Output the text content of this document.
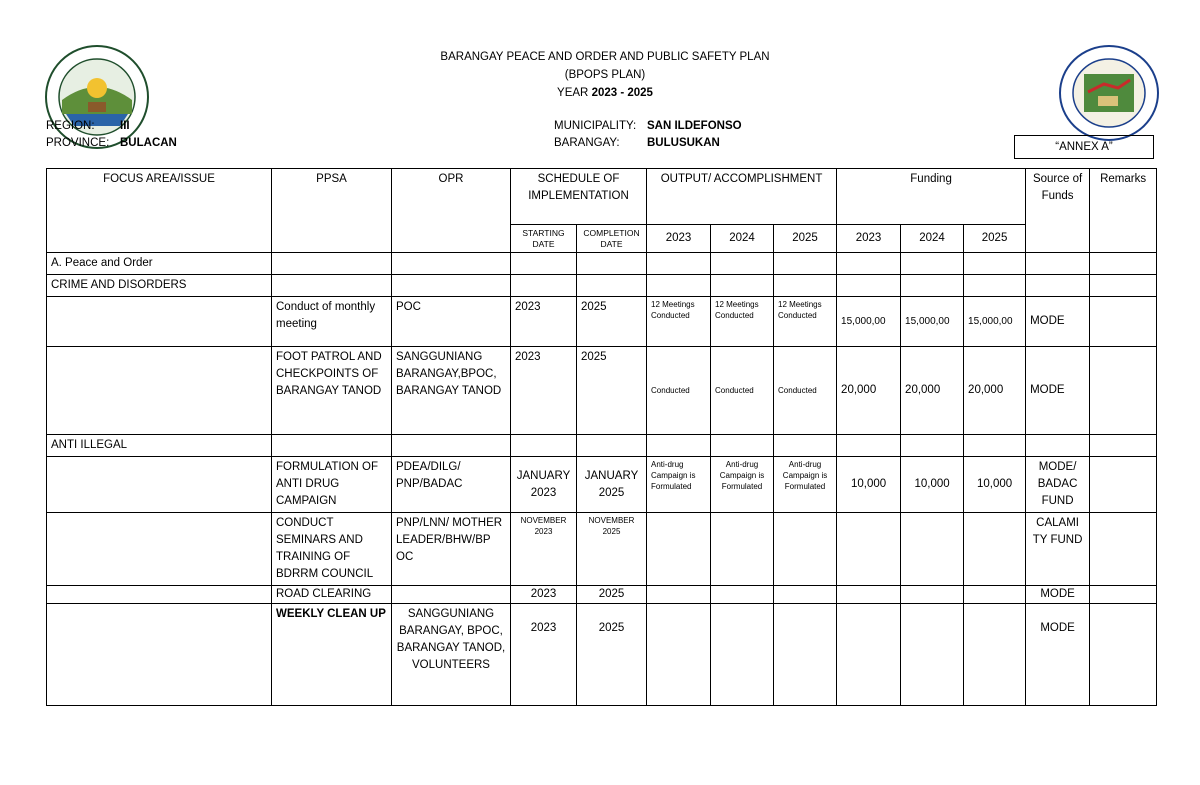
BARANGAY PEACE AND ORDER AND PUBLIC SAFETY PLAN
(BPOPS PLAN)
YEAR 2023 - 2025
REGION: III
PROVINCE: BULACAN
MUNICIPALITY: SAN ILDEFONSO
BARANGAY: BULUSUKAN	“ANNEX A”
FOCUS AREA/ISSUE	PPSA	OPR	SCHEDULE OF IMPLEMENTATION		OUTPUT/ ACCOMPLISHMENT			Funding			Source of Funds	Remarks
			STARTING DATE	COMPLETION DATE	2023	2024	2025	2023	2024	2025		
A. Peace and Order												
CRIME AND DISORDERS												
	Conduct of monthly meeting	POC	2023	2025	12 Meetings Conducted	12 Meetings Conducted	12 Meetings Conducted	15,000,00	15,000,00	15,000,00	MODE	
	FOOT PATROL AND CHECKPOINTS OF BARANGAY TANOD	SANGGUNIANG BARANGAY,BPOC, BARANGAY TANOD	2023	2025	Conducted	Conducted	Conducted	20,000	20,000	20,000	MODE	
ANTI ILLEGAL												
	FORMULATION OF ANTI DRUG CAMPAIGN	PDEA/DILG/ PNP/BADAC	JANUARY 2023	JANUARY 2025	Anti-drug Campaign is Formulated	Anti-drug Campaign is Formulated	Anti-drug Campaign is Formulated	10,000	10,000	10,000	MODE/ BADAC FUND	
	CONDUCT SEMINARS AND TRAINING OF BDRRM COUNCIL	PNP/LNN/ MOTHER LEADER/BHW/BP OC	NOVEMBER 2023	NOVEMBER 2025							CALAMI TY FUND	
	ROAD CLEARING		2023	2025							MODE	
	WEEKLY CLEAN UP	SANGGUNIANG BARANGAY, BPOC, BARANGAY TANOD, VOLUNTEERS	2023	2025							MODE	
